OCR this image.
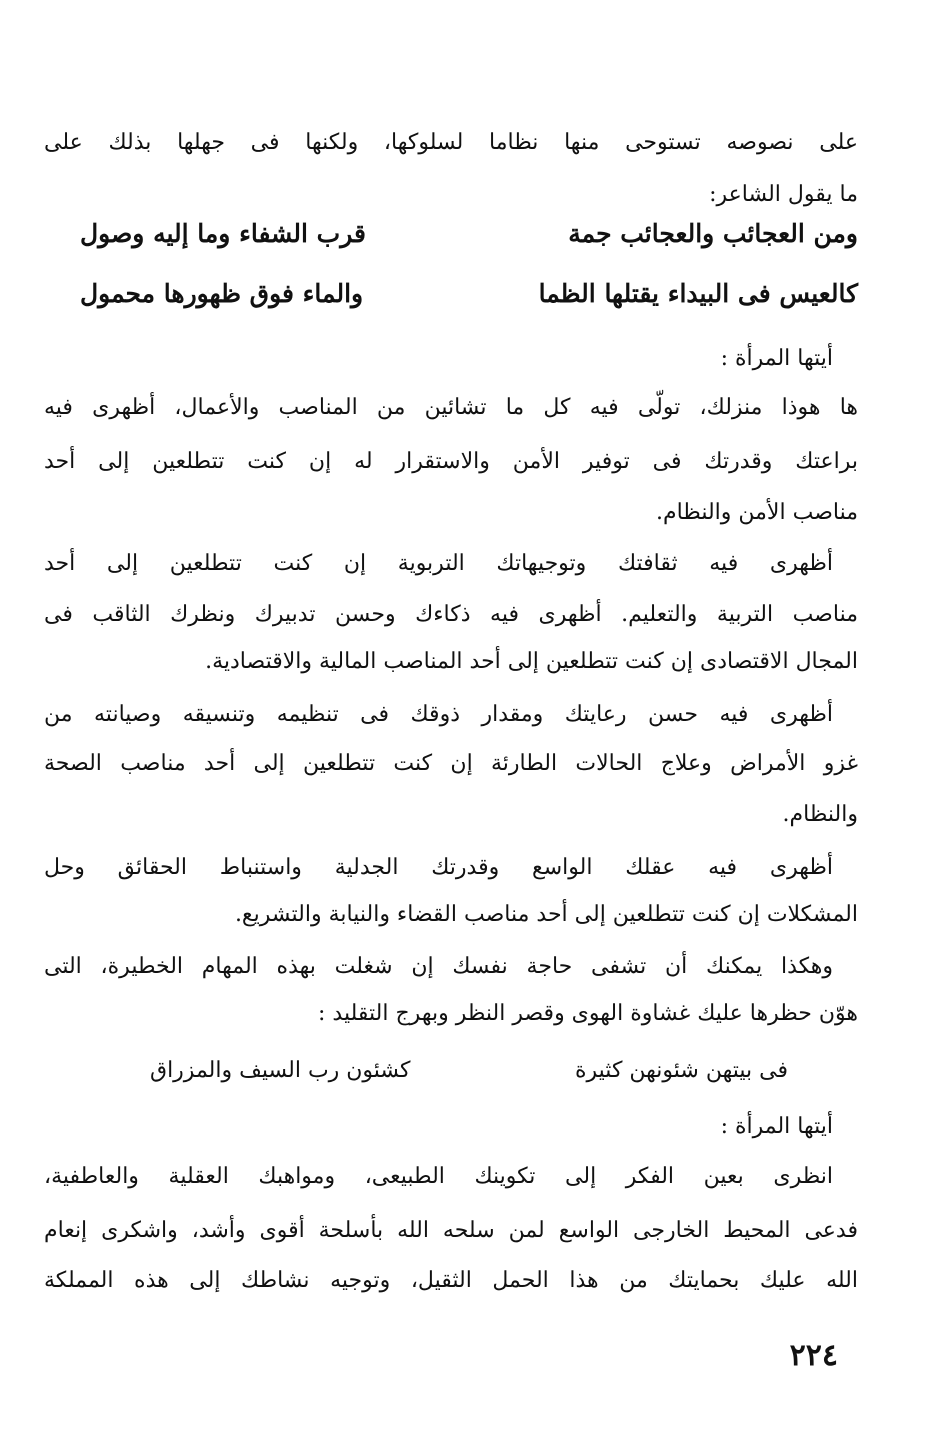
على نصوصه تستوحى منها نظاما لسلوكها، ولكنها فى جهلها بذلك على
ما يقول الشاعر:
ومن العجائب والعجائب جمة
قرب الشفاء وما إليه وصول
كالعيس فى البيداء يقتلها الظما
والماء فوق ظهورها محمول
أيتها المرأة :
ها هوذا منزلك، تولّى فيه كل ما تشائين من المناصب والأعمال، أظهرى فيه
براعتك وقدرتك فى توفير الأمن والاستقرار له إن كنت تتطلعين إلى أحد
مناصب الأمن والنظام.
أظهرى فيه ثقافتك وتوجيهاتك التربوية إن كنت تتطلعين إلى أحد
مناصب التربية والتعليم. أظهرى فيه ذكاءك وحسن تدبيرك ونظرك الثاقب فى
المجال الاقتصادى إن كنت تتطلعين إلى أحد المناصب المالية والاقتصادية.
أظهرى فيه حسن رعايتك ومقدار ذوقك فى تنظيمه وتنسيقه وصيانته من
غزو الأمراض وعلاج الحالات الطارئة إن كنت تتطلعين إلى أحد مناصب الصحة
والنظام.
أظهرى فيه عقلك الواسع وقدرتك الجدلية واستنباط الحقائق وحل
المشكلات إن كنت تتطلعين إلى أحد مناصب القضاء والنيابة والتشريع.
وهكذا يمكنك أن تشفى حاجة نفسك إن شغلت بهذه المهام الخطيرة، التى
هوّن حظرها عليك غشاوة الهوى وقصر النظر وبهرج التقليد :
فى بيتهن شئونهن كثيرة
كشئون رب السيف والمزراق
أيتها المرأة :
انظرى بعين الفكر إلى تكوينك الطبيعى، ومواهبك العقلية والعاطفية،
فدعى المحيط الخارجى الواسع لمن سلحه الله بأسلحة أقوى وأشد، واشكرى إنعام
الله عليك بحمايتك من هذا الحمل الثقيل، وتوجيه نشاطك إلى هذه المملكة
٢٢٤
